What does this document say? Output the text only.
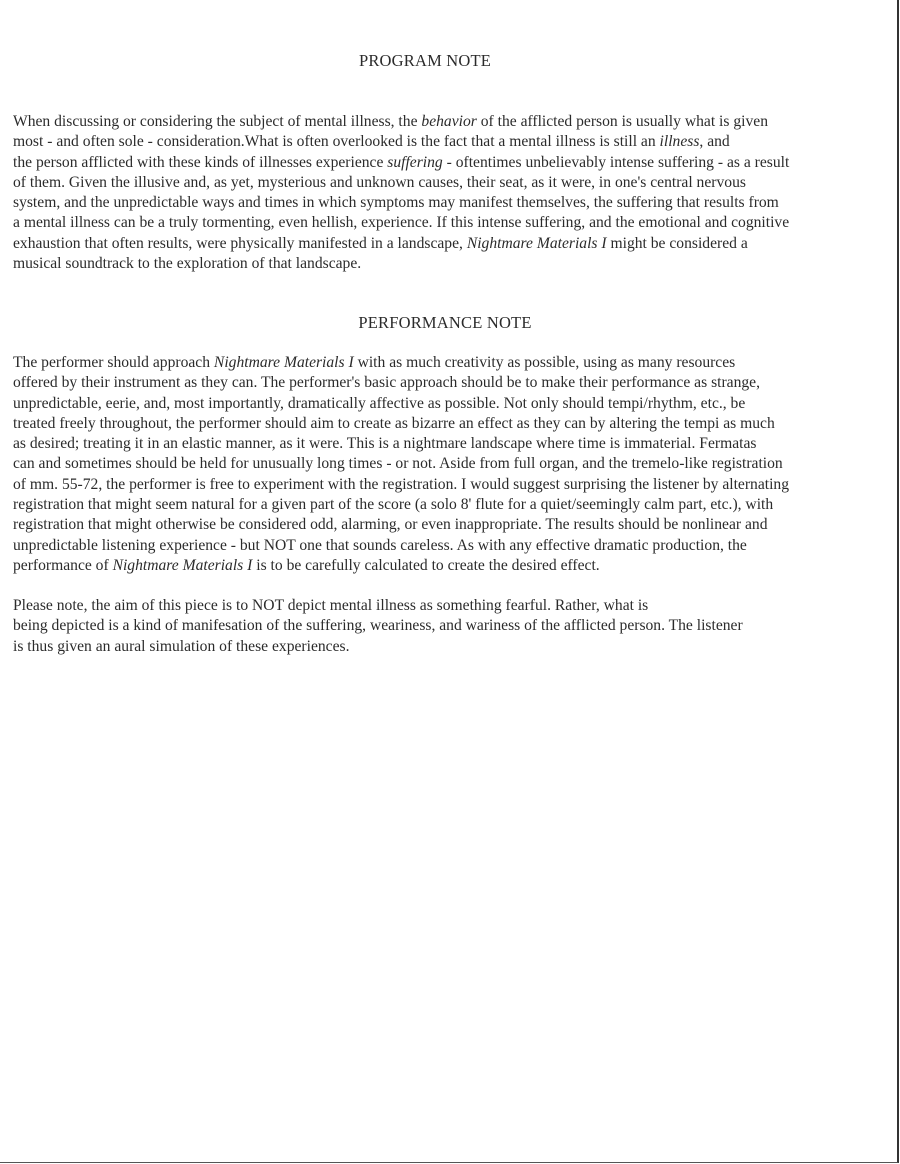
PROGRAM NOTE

When discussing or considering the subject of mental illness, the behavior of the afflicted person is usually what is given
most - and often sole - consideration.What is often overlooked is the fact that a mental illness is still an illness, and
the person afflicted with these kinds of illnesses experience suffering - oftentimes unbelievably intense suffering - as a result
of them. Given the illusive and, as yet, mysterious and unknown causes, their seat, as it were, in one's central nervous
system, and the unpredictable ways and times in which symptoms may manifest themselves, the suffering that results from
a mental illness can be a truly tormenting, even hellish, experience. If this intense suffering, and the emotional and cognitive
exhaustion that often results, were physically manifested in a landscape, Nightmare Materials I might be considered a
musical soundtrack to the exploration of that landscape.

PERFORMANCE NOTE

The performer should approach Nightmare Materials I with as much creativity as possible, using as many resources
offered by their instrument as they can. The performer's basic approach should be to make their performance as strange,
unpredictable, eerie, and, most importantly, dramatically affective as possible. Not only should tempi/rhythm, etc., be
treated freely throughout, the performer should aim to create as bizarre an effect as they can by altering the tempi as much
as desired; treating it in an elastic manner, as it were. This is a nightmare landscape where time is immaterial. Fermatas
can and sometimes should be held for unusually long times - or not. Aside from full organ, and the tremelo-like registration
of mm. 55-72, the performer is free to experiment with the registration. I would suggest surprising the listener by alternating
registration that might seem natural for a given part of the score (a solo 8' flute for a quiet/seemingly calm part, etc.), with
registration that might otherwise be considered odd, alarming, or even inappropriate. The results should be nonlinear and
unpredictable listening experience - but NOT one that sounds careless. As with any effective dramatic production, the
performance of Nightmare Materials I is to be carefully calculated to create the desired effect.

Please note, the aim of this piece is to NOT depict mental illness as something fearful. Rather, what is
being depicted is a kind of manifesation of the suffering, weariness, and wariness of the afflicted person. The listener
is thus given an aural simulation of these experiences.
